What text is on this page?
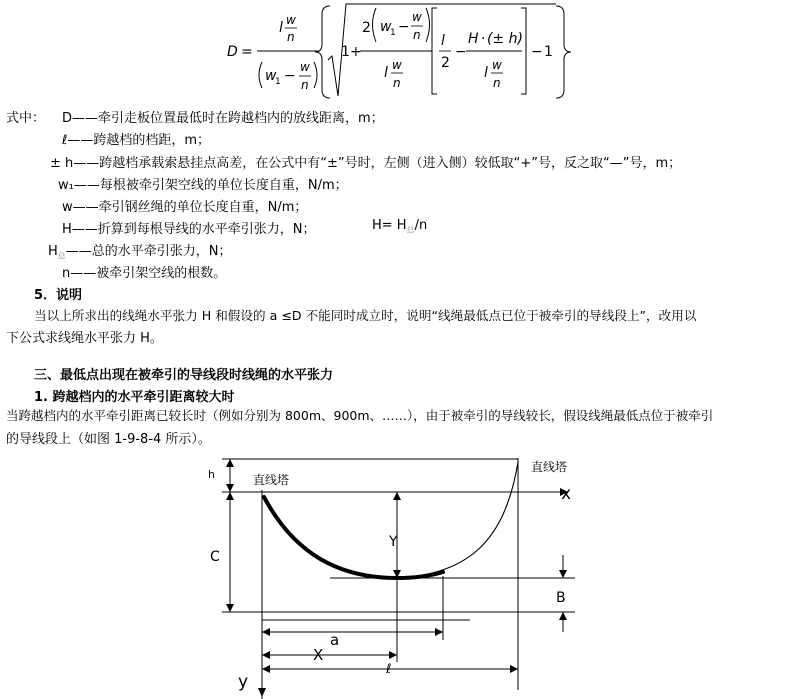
D =
l w
n
w
1 −
w
n
1 +
2 w
1 −
w
n
l w
n
l
2
−
H · (± h)
l w
n
− 1
式中： D——牵引走板位置最低时在跨越档内的放线距离，m；
ℓ——跨越档的档距，m；
± h——跨越档承载索悬挂点高差，在公式中有“±”号时，左侧（进入侧）较低取“+”号，反之取“—”号，m；
w₁——每根被牵引架空线的单位长度自重，N/m；
w——牵引钢丝绳的单位长度自重，N/m；
H——折算到每根导线的水平牵引张力，N；	$H= H_总/n$
$H_总——$总的水平牵引张力，N；
n——被牵引架空线的根数。
5．说明
当以上所求出的线绳水平张力 H 和假设的 a ≤D 不能同时成立时，说明“线绳最低点已位于被牵引的导线段上”，改用以
下公式求线绳水平张力 H。
三、最低点出现在被牵引的导线段时线绳的水平张力
1. 跨越档内的水平牵引距离较大时
当跨越档内的水平牵引距离已较长时（例如分别为 800m、900m、……），由于被牵引的导线较长，假设线绳最低点位于被牵引
的导线段上（如图 1-9-8-4 所示）。
直线塔
直线塔
h
C
Y
B
a
X
ℓ
x
y
